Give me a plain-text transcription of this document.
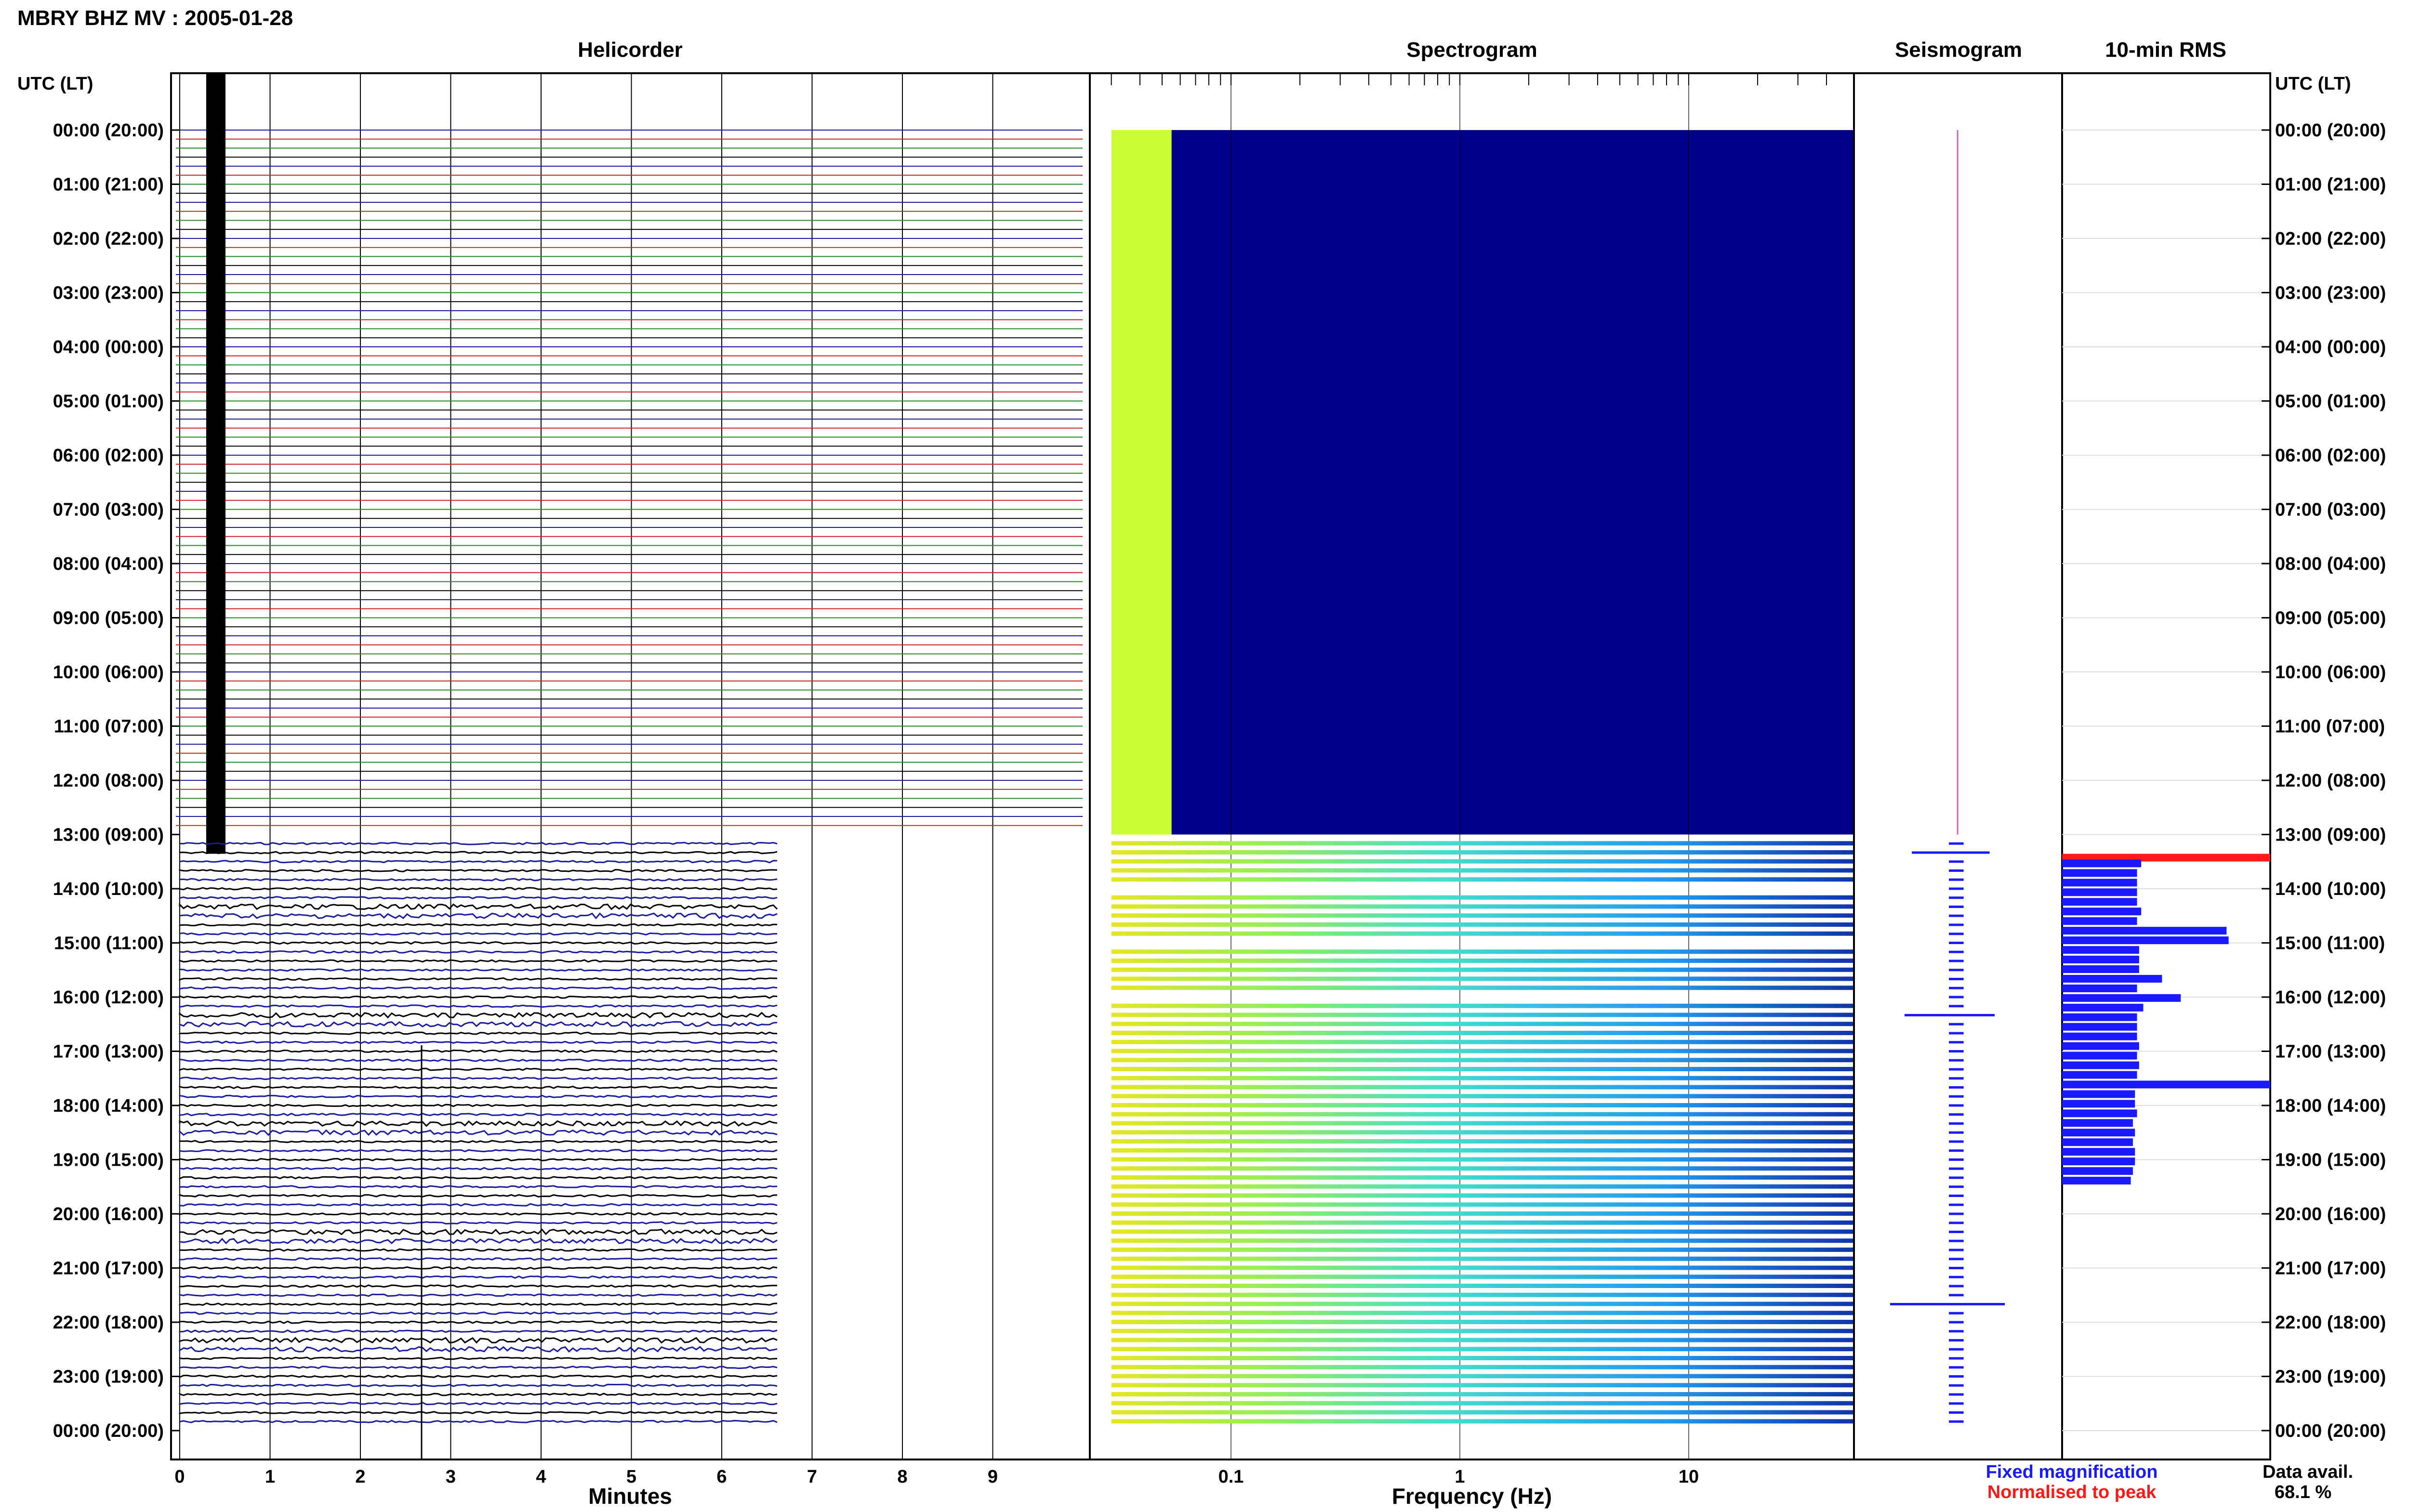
MBRY BHZ MV : 2005-01-28
Helicorder	Spectrogram	Seismogram	10-min RMS
UTC (LT)	UTC (LT)
0	1	2	3	4	5	6	7	8	9	0.1	1	10
00:00 (20:00)	00:00 (20:00)
01:00 (21:00)	01:00 (21:00)
02:00 (22:00)	02:00 (22:00)
03:00 (23:00)	03:00 (23:00)
04:00 (00:00)	04:00 (00:00)
05:00 (01:00)	05:00 (01:00)
06:00 (02:00)	06:00 (02:00)
07:00 (03:00)	07:00 (03:00)
08:00 (04:00)	08:00 (04:00)
09:00 (05:00)	09:00 (05:00)
10:00 (06:00)	10:00 (06:00)
11:00 (07:00)	11:00 (07:00)
12:00 (08:00)	12:00 (08:00)
13:00 (09:00)	13:00 (09:00)
14:00 (10:00)	14:00 (10:00)
15:00 (11:00)	15:00 (11:00)
16:00 (12:00)	16:00 (12:00)
17:00 (13:00)	17:00 (13:00)
18:00 (14:00)	18:00 (14:00)
19:00 (15:00)	19:00 (15:00)
20:00 (16:00)	20:00 (16:00)
21:00 (17:00)	21:00 (17:00)
22:00 (18:00)	22:00 (18:00)
23:00 (19:00)	23:00 (19:00)
00:00 (20:00)	00:00 (20:00)
Minutes	Frequency (Hz)
Fixed magnification
Normalised to peak
Data avail.
68.1 %
